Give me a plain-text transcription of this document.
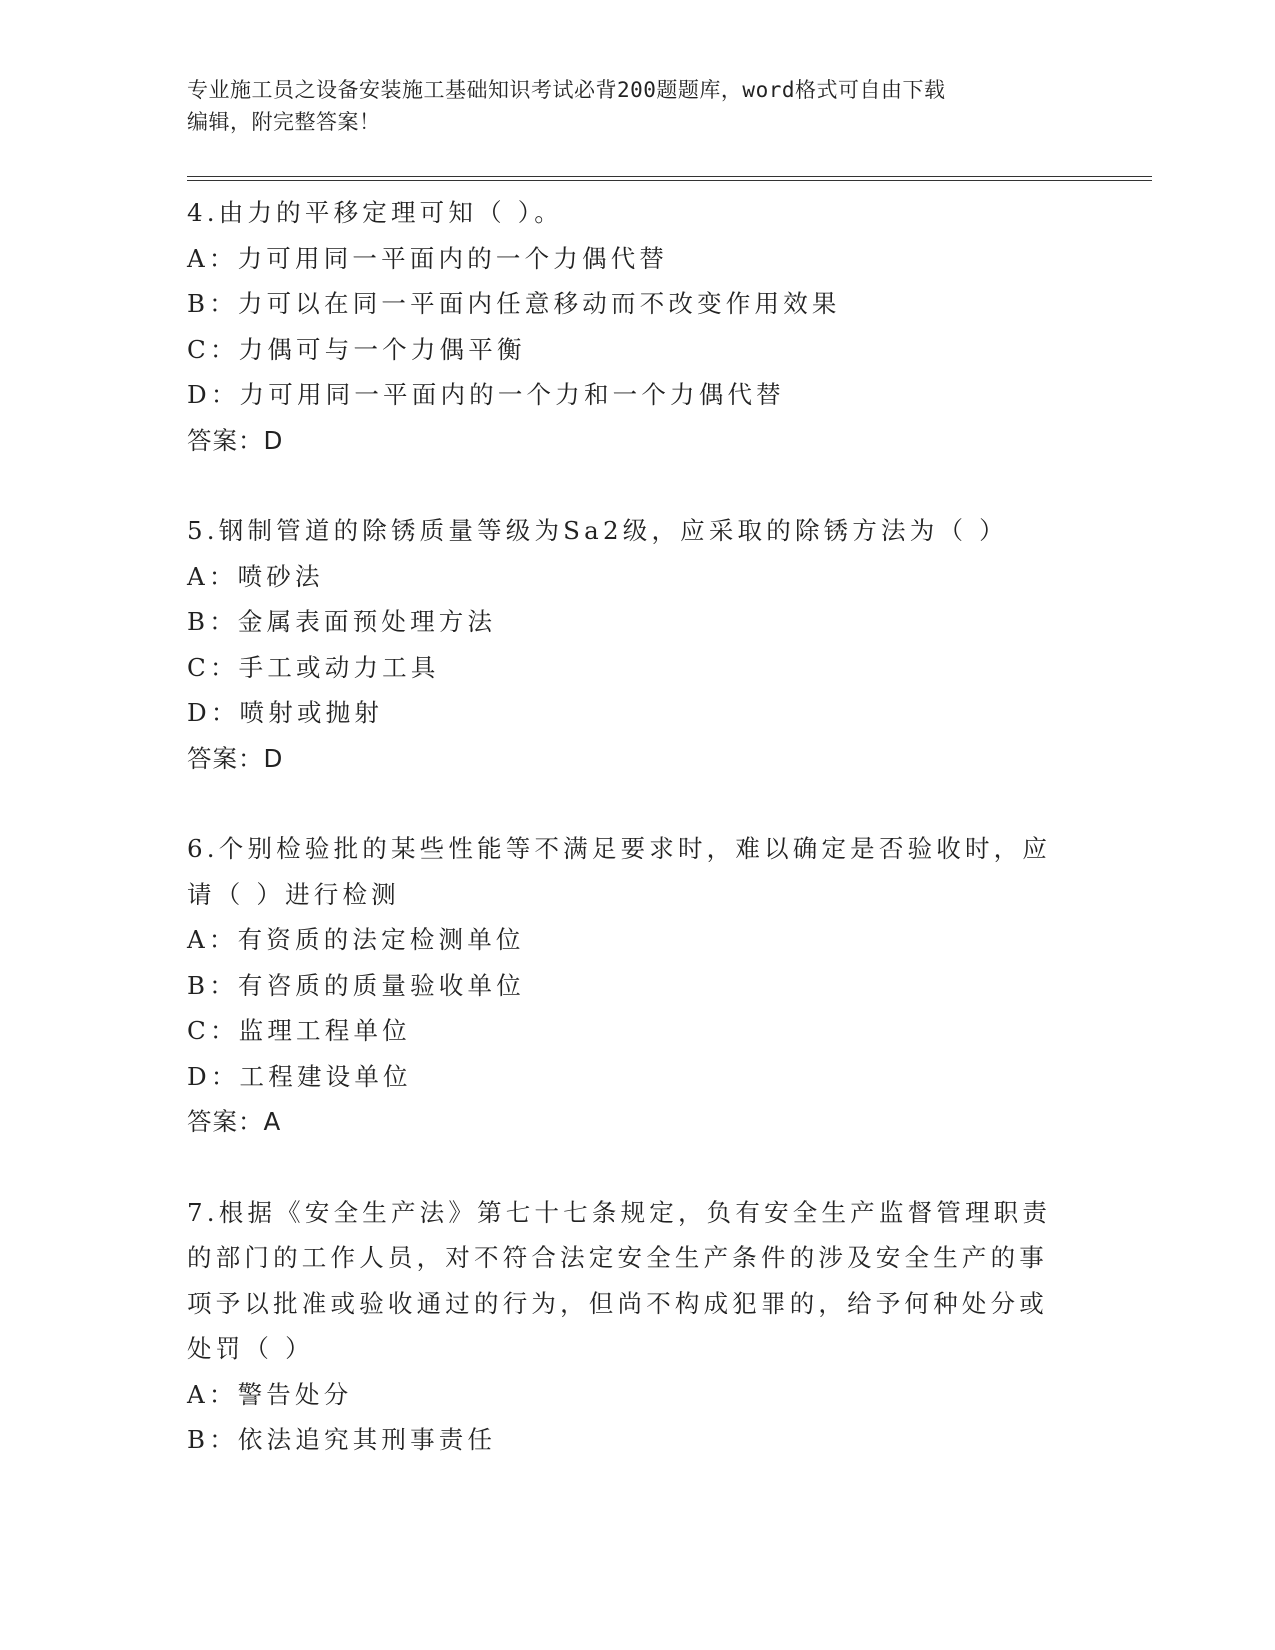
专业施工员之设备安装施工基础知识考试必背200题题库，word格式可自由下载
编辑，附完整答案！
4.由力的平移定理可知（ ）。
A：力可用同一平面内的一个力偶代替
B：力可以在同一平面内任意移动而不改变作用效果
C：力偶可与一个力偶平衡
D：力可用同一平面内的一个力和一个力偶代替
答案：D
5.钢制管道的除锈质量等级为Sa2级，应采取的除锈方法为（ ）
A：喷砂法
B：金属表面预处理方法
C：手工或动力工具
D：喷射或抛射
答案：D
6.个别检验批的某些性能等不满足要求时，难以确定是否验收时，应
请（ ）进行检测
A：有资质的法定检测单位
B：有咨质的质量验收单位
C：监理工程单位
D：工程建设单位
答案：A
7.根据《安全生产法》第七十七条规定，负有安全生产监督管理职责
的部门的工作人员，对不符合法定安全生产条件的涉及安全生产的事
项予以批准或验收通过的行为，但尚不构成犯罪的，给予何种处分或
处罚（ ）
A：警告处分
B：依法追究其刑事责任
